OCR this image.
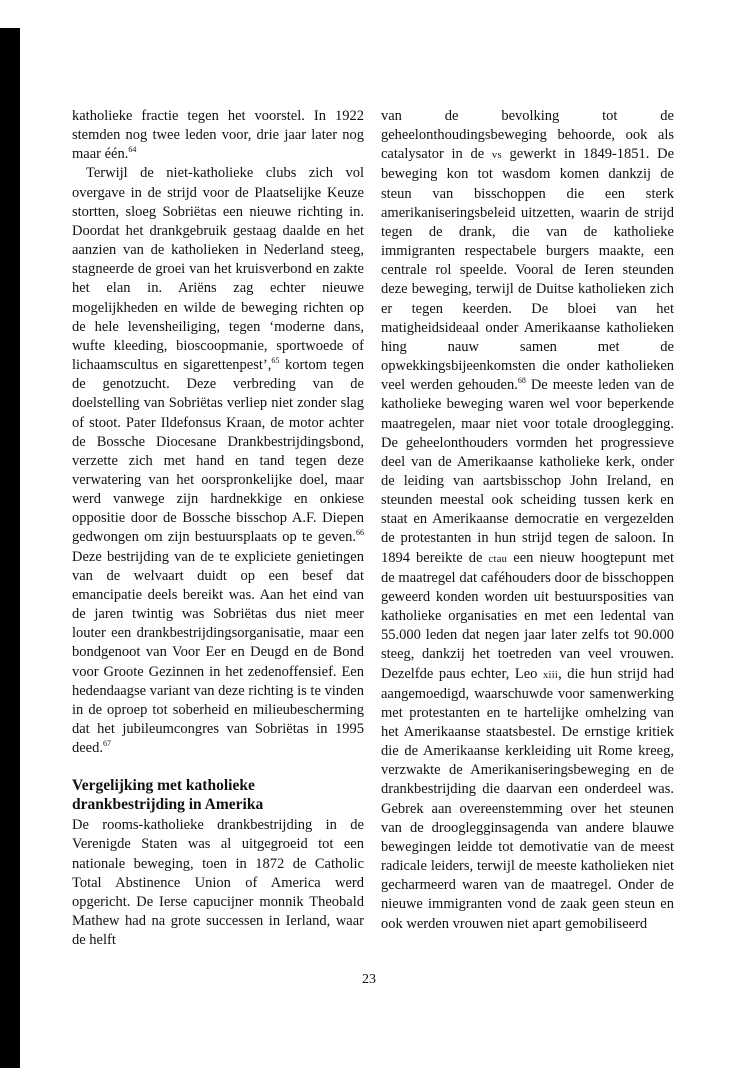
katholieke fractie tegen het voorstel. In 1922 stemden nog twee leden voor, drie jaar later nog maar één.$^{64}$

Terwijl de niet-katholieke clubs zich vol overgave in de strijd voor de Plaatselijke Keuze stortten, sloeg Sobriëtas een nieuwe richting in. Doordat het drankgebruik gestaag daalde en het aanzien van de katholieken in Nederland steeg, stagneerde de groei van het kruisverbond en zakte het elan in. Ariëns zag echter nieuwe mogelijkheden en wilde de beweging richten op de hele levensheiliging, tegen ‘moderne dans, wufte kleeding, bioscoopmanie, sportwoede of lichaamscultus en sigarettenpest’,$^{65}$ kortom tegen de genotzucht. Deze verbreding van de doelstelling van Sobriëtas verliep niet zonder slag of stoot. Pater Ildefonsus Kraan, de motor achter de Bossche Diocesane Drankbestrijdingsbond, verzette zich met hand en tand tegen deze verwatering van het oorspronkelijke doel, maar werd vanwege zijn hardnekkige en onkiese oppositie door de Bossche bisschop A.F. Diepen gedwongen om zijn bestuursplaats op te geven.$^{66}$ Deze bestrijding van de te expliciete genietingen van de welvaart duidt op een besef dat emancipatie deels bereikt was. Aan het eind van de jaren twintig was Sobriëtas dus niet meer louter een drankbestrijdingsorganisatie, maar een bondgenoot van Voor Eer en Deugd en de Bond voor Groote Gezinnen in het zedenoffensief. Een hedendaagse variant van deze richting is te vinden in de oproep tot soberheid en milieubescherming dat het jubileumcongres van Sobriëtas in 1995 deed.$^{67}$

Vergelijking met katholieke drankbestrijding in Amerika

De rooms-katholieke drankbestrijding in de Verenigde Staten was al uitgegroeid tot een nationale beweging, toen in 1872 de Catholic Total Abstinence Union of America werd opgericht. De Ierse capucijner monnik Theobald Mathew had na grote successen in Ierland, waar de helft

van de bevolking tot de geheelonthoudingsbeweging behoorde, ook als catalysator in de vs gewerkt in 1849-1851. De beweging kon tot wasdom komen dankzij de steun van bisschoppen die een sterk amerikaniseringsbeleid uitzetten, waarin de strijd tegen de drank, die van de katholieke immigranten respectabele burgers maakte, een centrale rol speelde. Vooral de Ieren steunden deze beweging, terwijl de Duitse katholieken zich er tegen keerden. De bloei van het matigheidsideaal onder Amerikaanse katholieken hing nauw samen met de opwekkingsbijeenkomsten die onder katholieken veel werden gehouden.$^{68}$ De meeste leden van de katholieke beweging waren wel voor beperkende maatregelen, maar niet voor totale drooglegging. De geheelonthouders vormden het progressieve deel van de Amerikaanse katholieke kerk, onder de leiding van aartsbisschop John Ireland, en steunden meestal ook scheiding tussen kerk en staat en Amerikaanse democratie en vergezelden de protestanten in hun strijd tegen de saloon. In 1894 bereikte de ctau een nieuw hoogtepunt met de maatregel dat caféhouders door de bisschoppen geweerd konden worden uit bestuursposities van katholieke organisaties en met een ledental van 55.000 leden dat negen jaar later zelfs tot 90.000 steeg, dankzij het toetreden van veel vrouwen. Dezelfde paus echter, Leo xiii, die hun strijd had aangemoedigd, waarschuwde voor samenwerking met protestanten en te hartelijke omhelzing van het Amerikaanse staatsbestel. De ernstige kritiek die de Amerikaanse kerkleiding uit Rome kreeg, verzwakte de Amerikaniseringsbeweging en de drankbestrijding die daarvan een onderdeel was. Gebrek aan overeenstemming over het steunen van de drooglegginsagenda van andere blauwe bewegingen leidde tot demotivatie van de meest radicale leiders, terwijl de meeste katholieken niet gecharmeerd waren van de maatregel. Onder de nieuwe immigranten vond de zaak geen steun en ook werden vrouwen niet apart gemobiliseerd

23
